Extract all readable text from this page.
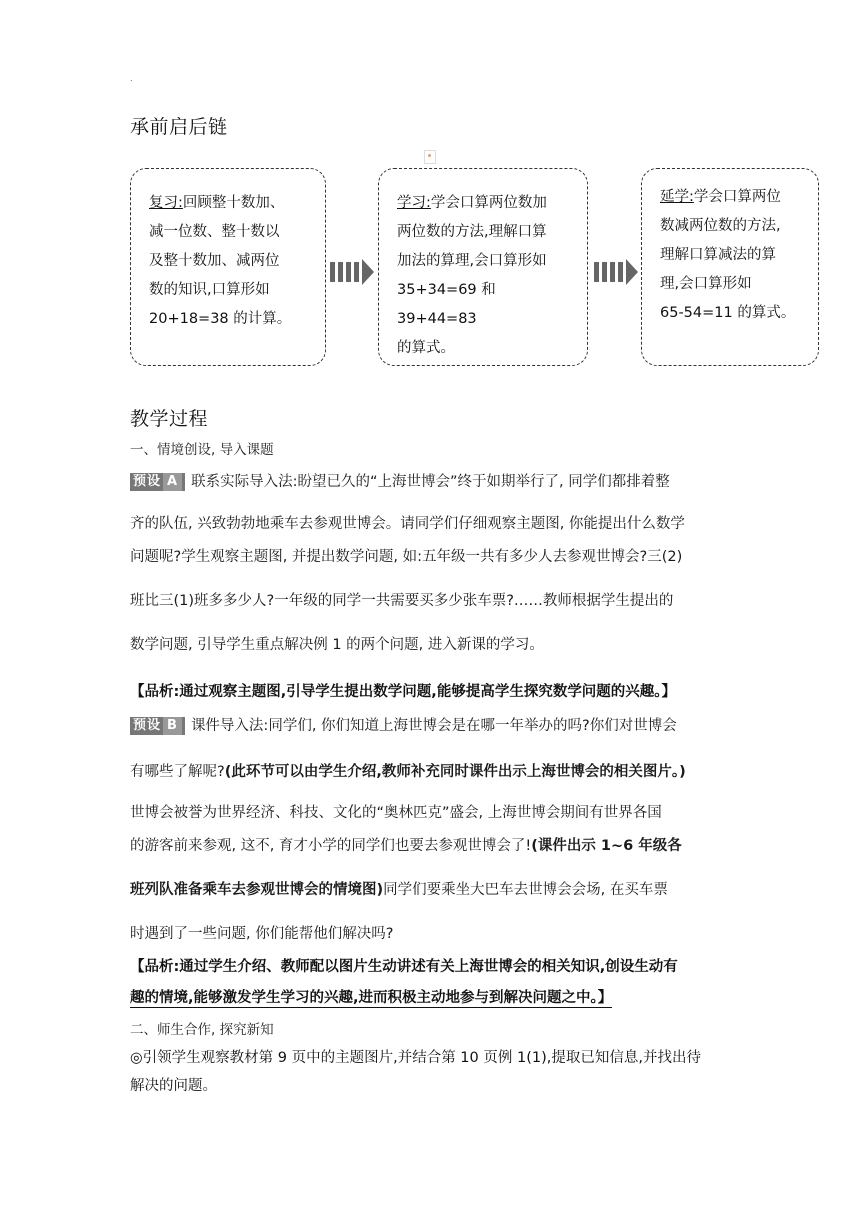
.
承前启后链
复习:回顾整十数加、
减一位数、整十数以
及整十数加、减两位
数的知识,口算形如
20+18=38 的计算。
学习:学会口算两位数加
两位数的方法,理解口算
加法的算理,会口算形如
35+34=69 和 39+44=83
的算式。
延学:学会口算两位
数减两位数的方法,
理解口算减法的算
理,会口算形如
65-54=11 的算式。
教学过程
一、情境创设, 导入课题
预设 A 联系实际导入法:盼望已久的“上海世博会”终于如期举行了, 同学们都排着整
齐的队伍, 兴致勃勃地乘车去参观世博会。请同学们仔细观察主题图, 你能提出什么数学
问题呢?学生观察主题图, 并提出数学问题, 如:五年级一共有多少人去参观世博会?三(2)
班比三(1)班多多少人?一年级的同学一共需要买多少张车票?……教师根据学生提出的
数学问题, 引导学生重点解决例 1 的两个问题, 进入新课的学习。
【品析:通过观察主题图,引导学生提出数学问题,能够提高学生探究数学问题的兴趣。】
预设 B 课件导入法:同学们, 你们知道上海世博会是在哪一年举办的吗?你们对世博会
有哪些了解呢?(此环节可以由学生介绍,教师补充同时课件出示上海世博会的相关图片。)
世博会被誉为世界经济、科技、文化的“奥林匹克”盛会, 上海世博会期间有世界各国
的游客前来参观, 这不, 育才小学的同学们也要去参观世博会了!(课件出示 1~6 年级各
班列队准备乘车去参观世博会的情境图)同学们要乘坐大巴车去世博会会场, 在买车票
时遇到了一些问题, 你们能帮他们解决吗?
【品析:通过学生介绍、教师配以图片生动讲述有关上海世博会的相关知识,创设生动有
趣的情境,能够激发学生学习的兴趣,进而积极主动地参与到解决问题之中。】
二、师生合作, 探究新知
◎引领学生观察教材第 9 页中的主题图片,并结合第 10 页例 1(1),提取已知信息,并找出待
解决的问题。
